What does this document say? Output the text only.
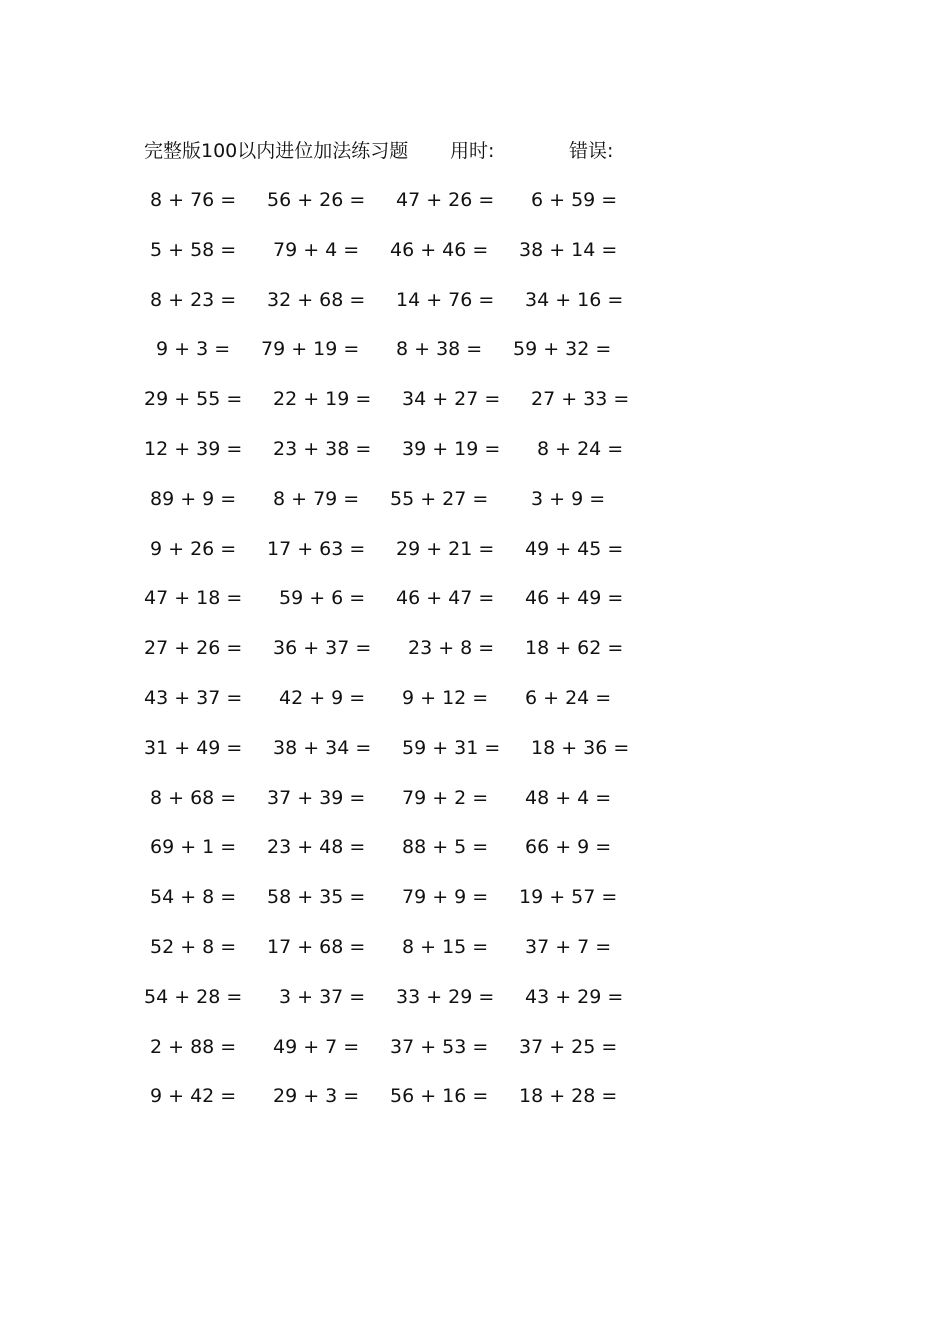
完整版100以内进位加法练习题 用时:	错误:
8 + 76 = 56 + 26 = 47 + 26 = 6 + 59 =
5 + 58 = 79 + 4 = 46 + 46 = 38 + 14 =
8 + 23 = 32 + 68 = 14 + 76 = 34 + 16 =
9 + 3 = 79 + 19 = 8 + 38 = 59 + 32 =
29 + 55 = 22 + 19 = 34 + 27 = 27 + 33 =
12 + 39 = 23 + 38 = 39 + 19 = 8 + 24 =
89 + 9 = 8 + 79 = 55 + 27 = 3 + 9 =
9 + 26 = 17 + 63 = 29 + 21 = 49 + 45 =
47 + 18 = 59 + 6 = 46 + 47 = 46 + 49 =
27 + 26 = 36 + 37 = 23 + 8 = 18 + 62 =
43 + 37 = 42 + 9 = 9 + 12 = 6 + 24 =
31 + 49 = 38 + 34 = 59 + 31 = 18 + 36 =
8 + 68 = 37 + 39 = 79 + 2 = 48 + 4 =
69 + 1 = 23 + 48 = 88 + 5 = 66 + 9 =
54 + 8 = 58 + 35 = 79 + 9 = 19 + 57 =
52 + 8 = 17 + 68 = 8 + 15 = 37 + 7 =
54 + 28 = 3 + 37 = 33 + 29 = 43 + 29 =
2 + 88 = 49 + 7 = 37 + 53 = 37 + 25 =
9 + 42 = 29 + 3 = 56 + 16 = 18 + 28 =
